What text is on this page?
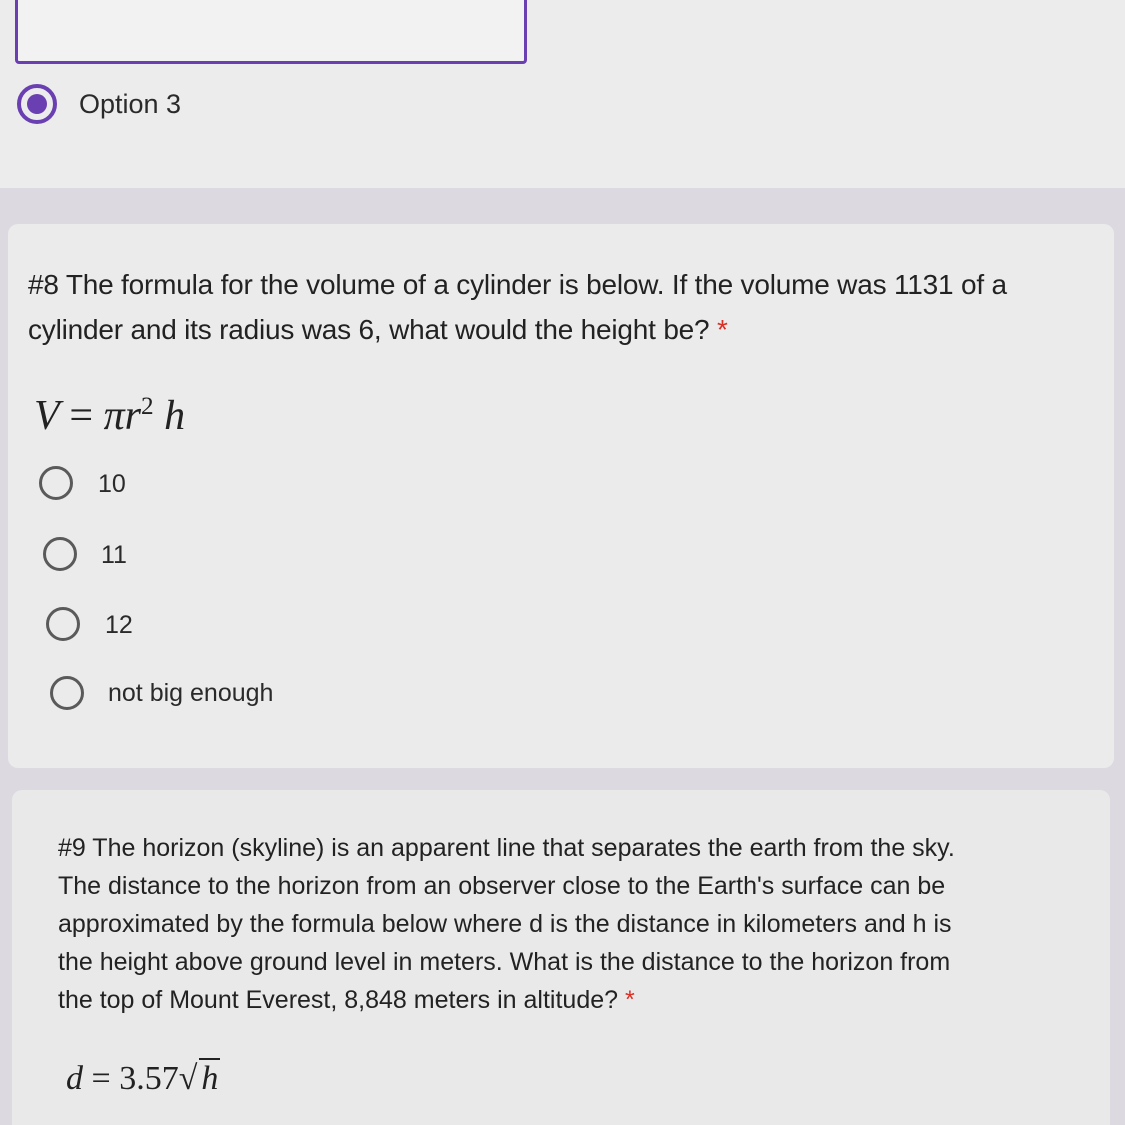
Option 3
#8 The formula for the volume of a cylinder is below. If the volume was 1131 of a
cylinder and its radius was 6, what would the height be? *
$V = \pi r^2$ h
10
11
12
not big enough
#9 The horizon (skyline) is an apparent line that separates the earth from the sky.
The distance to the horizon from an observer close to the Earth's surface can be
approximated by the formula below where d is the distance in kilometers and h is
the height above ground level in meters. What is the distance to the horizon from
the top of Mount Everest, 8,848 meters in altitude? *
d = 3.57√ h
